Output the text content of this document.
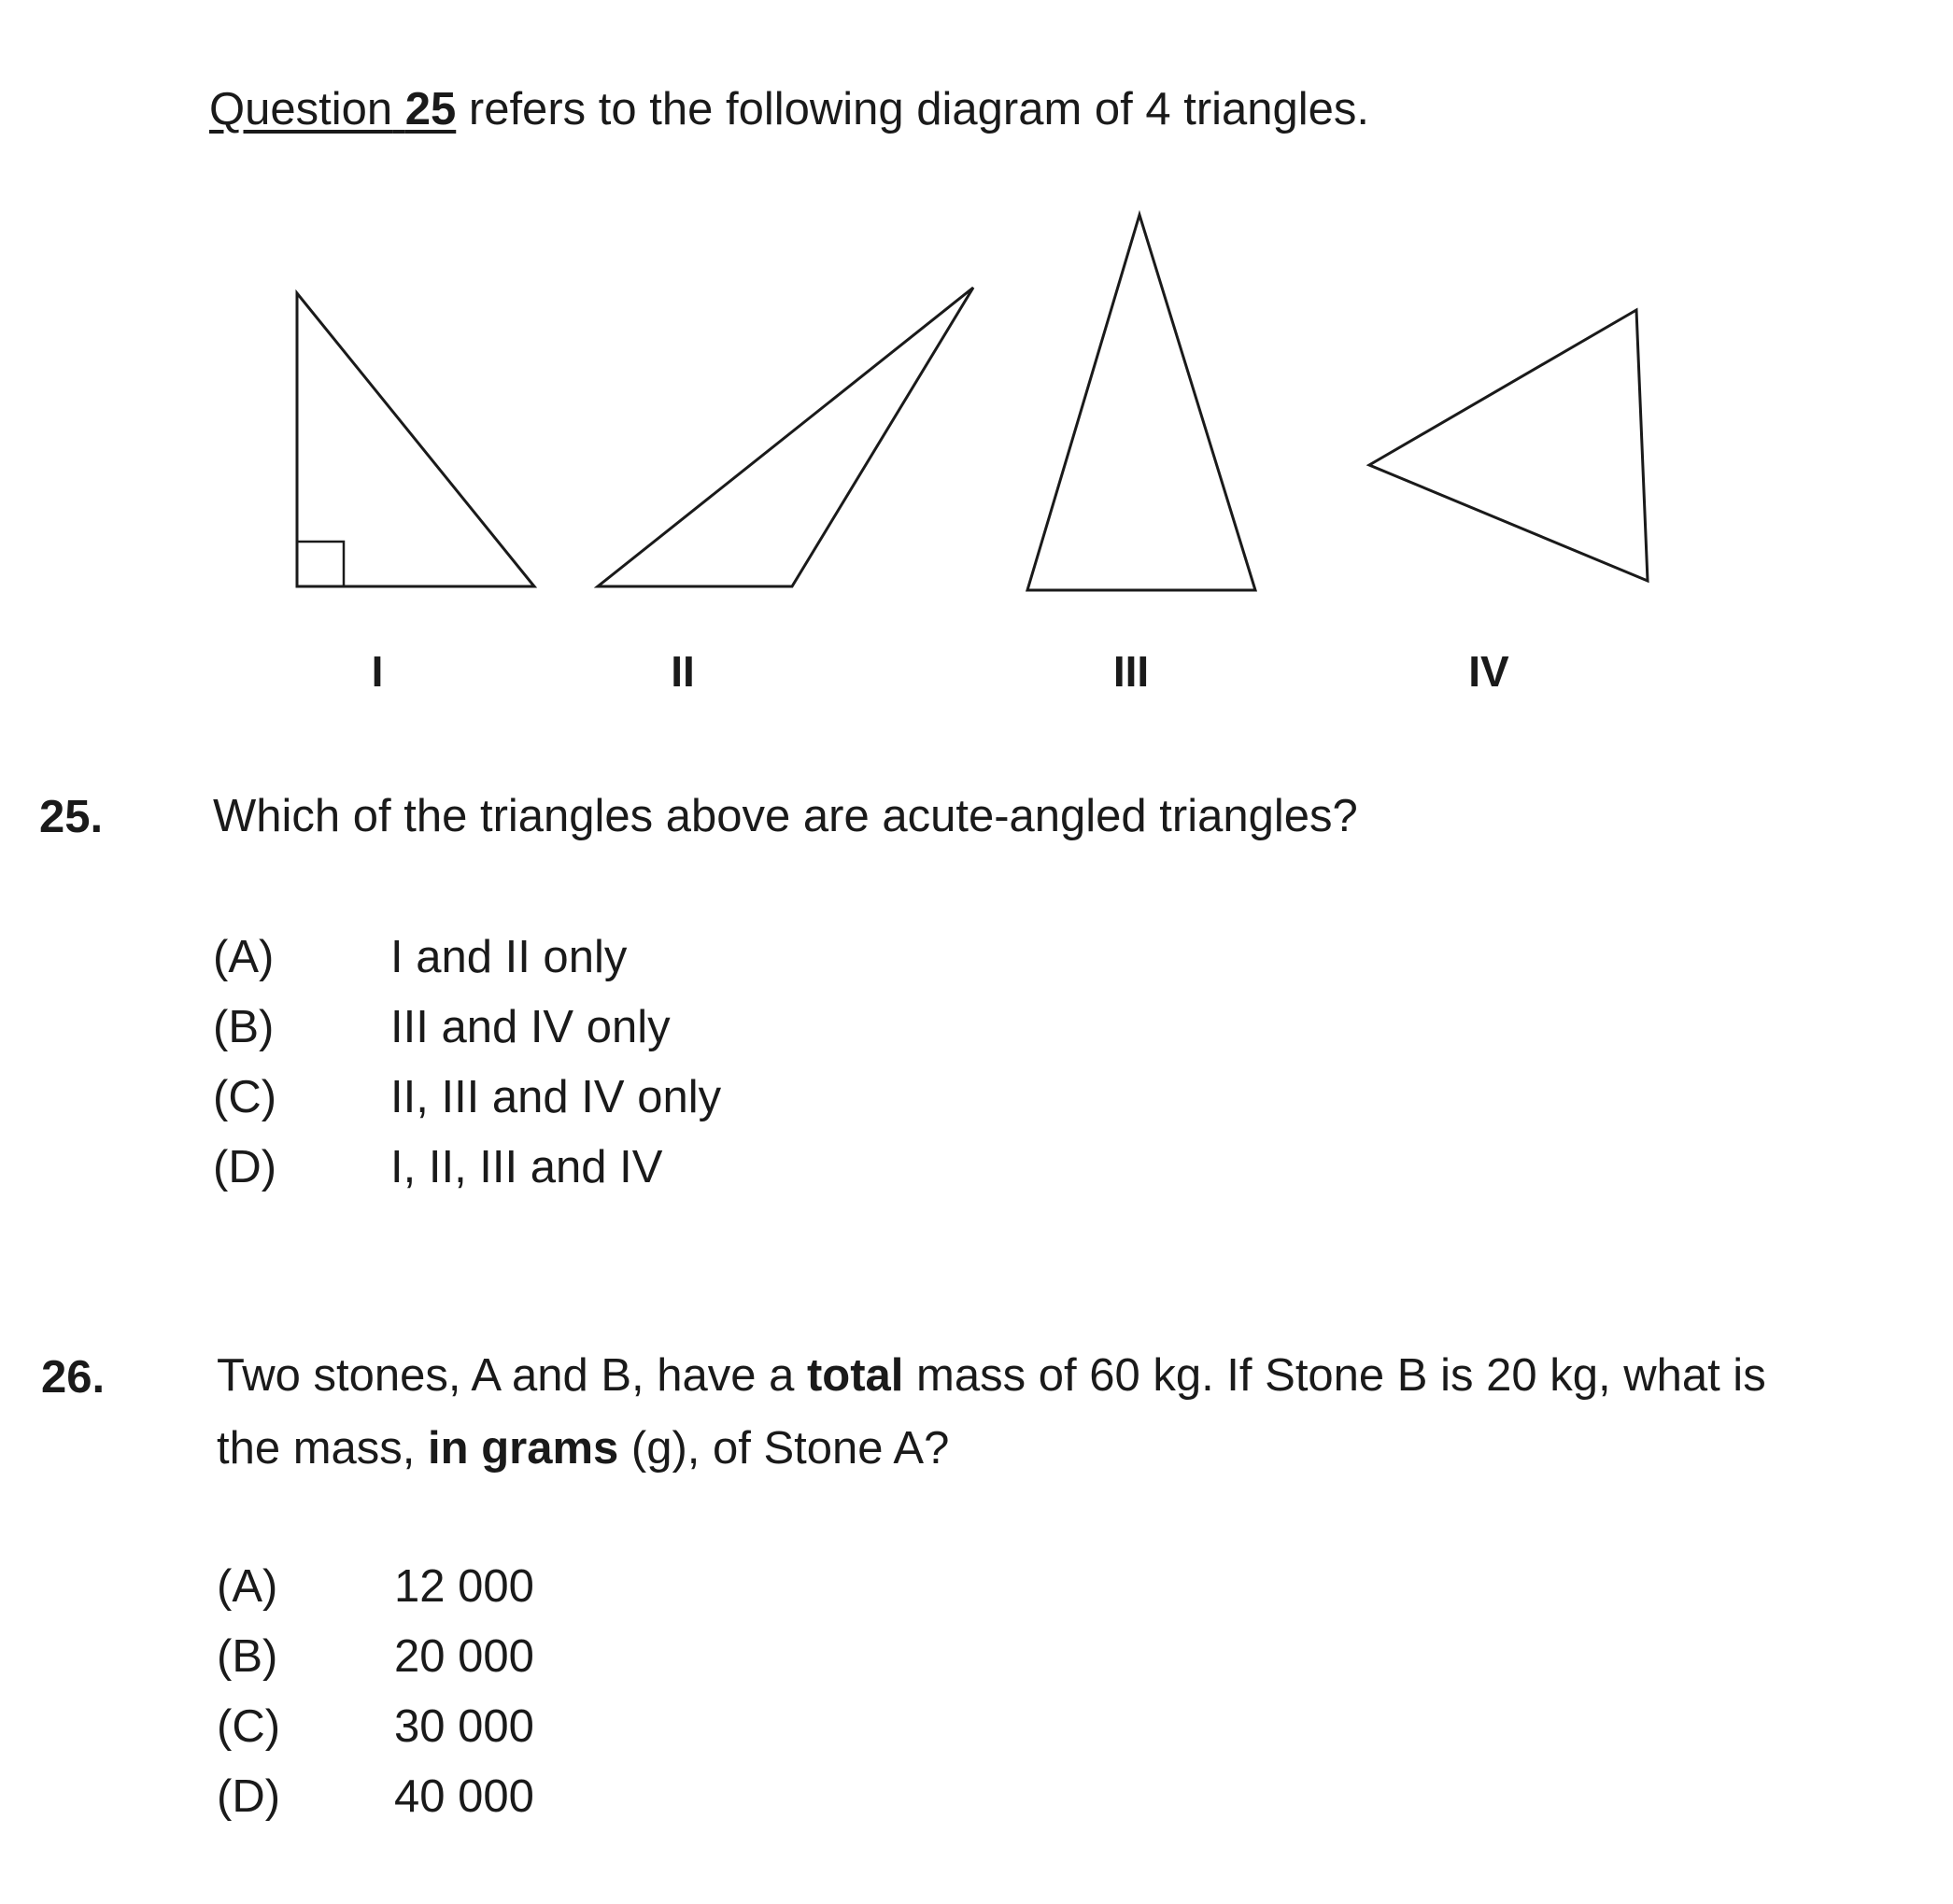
Question 25 refers to the following diagram of 4 triangles.
I	II	III	IV
25. Which of the triangles above are acute-angled triangles?
(A)	I and II only
(B)	III and IV only
(C)	II, III and IV only
(D)	I, II, III and IV
26. Two stones, A and B, have a total mass of 60 kg. If Stone B is 20 kg, what is
the mass, in grams (g), of Stone A?
(A)	12 000
(B)	20 000
(C)	30 000
(D)	40 000
